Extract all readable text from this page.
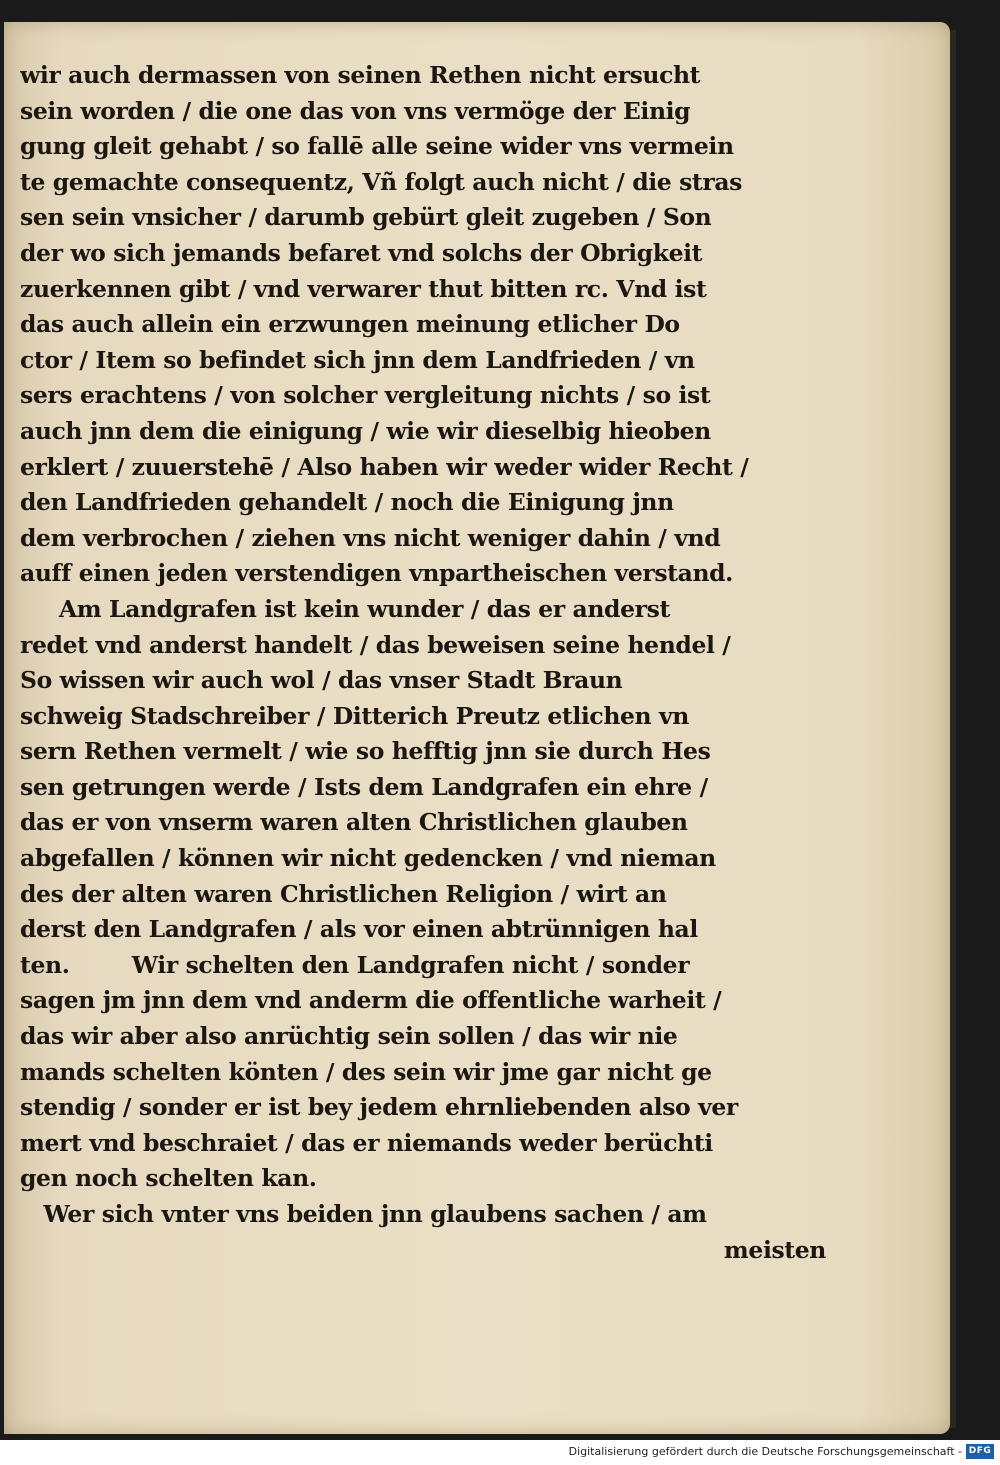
wir auch dermassen von seinen Rethen nicht ersucht
sein worden / die one das von vns vermöge der Einig
gung gleit gehabt / so fallē alle seine wider vns vermein
te gemachte consequentz, Vñ folgt auch nicht / die stras
sen sein vnsicher / darumb gebürt gleit zugeben / Son
der wo sich jemands befaret vnd solchs der Obrigkeit
zuerkennen gibt / vnd verwarer thut bitten rc. Vnd ist
das auch allein ein erzwungen meinung etlicher Do
ctor / Item so befindet sich jnn dem Landfrieden / vn
sers erachtens / von solcher vergleitung nichts / so ist
auch jnn dem die einigung / wie wir dieselbig hieoben
erklert / zuuerstehē / Also haben wir weder wider Recht /
den Landfrieden gehandelt / noch die Einigung jnn
dem verbrochen / ziehen vns nicht weniger dahin / vnd
auff einen jeden verstendigen vnpartheischen verstand.
Am Landgrafen ist kein wunder / das er anderst
redet vnd anderst handelt / das beweisen seine hendel /
So wissen wir auch wol / das vnser Stadt Braun
schweig Stadschreiber / Ditterich Preutz etlichen vn
sern Rethen vermelt / wie so hefftig jnn sie durch Hes
sen getrungen werde / Ists dem Landgrafen ein ehre /
das er von vnserm waren alten Christlichen glauben
abgefallen / können wir nicht gedencken / vnd nieman
des der alten waren Christlichen Religion / wirt an
derst den Landgrafen / als vor einen abtrünnigen hal
ten.        Wir schelten den Landgrafen nicht / sonder
sagen jm jnn dem vnd anderm die offentliche warheit /
das wir aber also anrüchtig sein sollen / das wir nie
mands schelten könten / des sein wir jme gar nicht ge
stendig / sonder er ist bey jedem ehrnliebenden also ver
mert vnd beschraiet / das er niemands weder berüchti
gen noch schelten kan.
Wer sich vnter vns beiden jnn glaubens sachen / am
meisten
Digitalisierung gefördert durch die Deutsche Forschungsgemeinschaft - DFG
